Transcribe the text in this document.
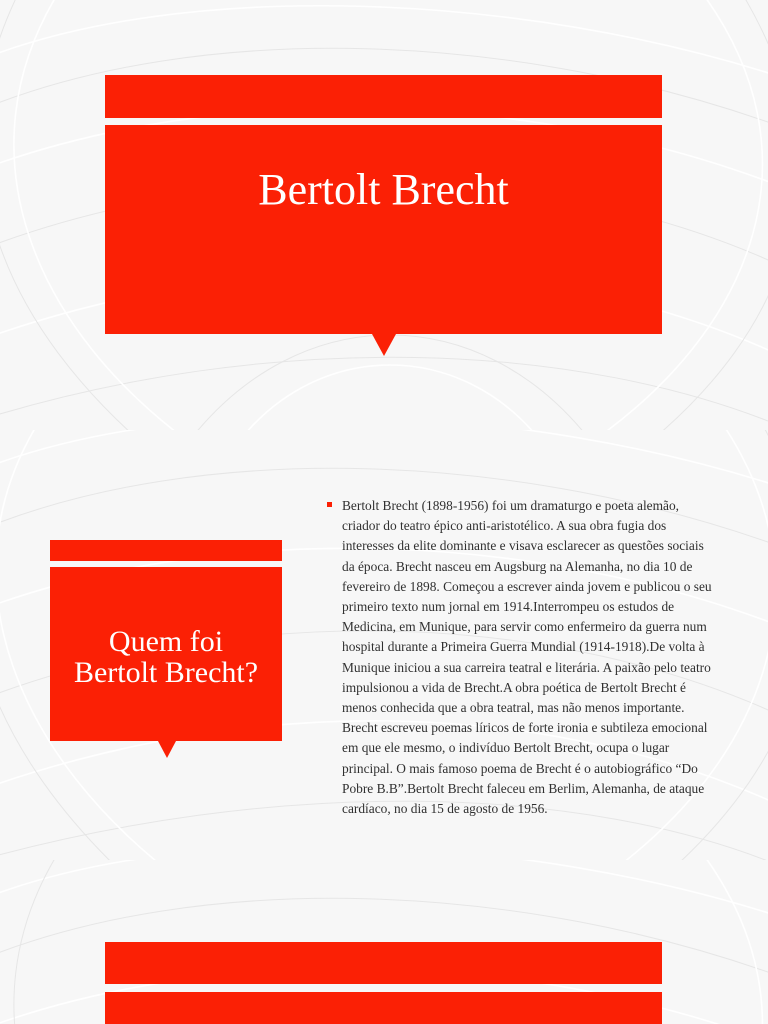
Bertolt Brecht
Quem foi
Bertolt Brecht?

Bertolt Brecht (1898-1956) foi um dramaturgo e poeta alemão, criador do teatro épico anti-aristotélico. A sua obra fugia dos interesses da elite dominante e visava esclarecer as questões sociais da época. Brecht nasceu em Augsburg na Alemanha, no dia 10 de fevereiro de 1898. Começou a escrever ainda jovem e publicou o seu primeiro texto num jornal em 1914.Interrompeu os estudos de Medicina, em Munique, para servir como enfermeiro da guerra num hospital durante a Primeira Guerra Mundial (1914-1918).De volta à Munique iniciou a sua carreira teatral e literária. A paixão pelo teatro impulsionou a vida de Brecht.A obra poética de Bertolt Brecht é menos conhecida que a obra teatral, mas não menos importante. Brecht escreveu poemas líricos de forte ironia e subtileza emocional em que ele mesmo, o indivíduo Bertolt Brecht, ocupa o lugar principal. O mais famoso poema de Brecht é o autobiográfico “Do Pobre B.B”.Bertolt Brecht faleceu em Berlim, Alemanha, de ataque cardíaco, no dia 15 de agosto de 1956.
